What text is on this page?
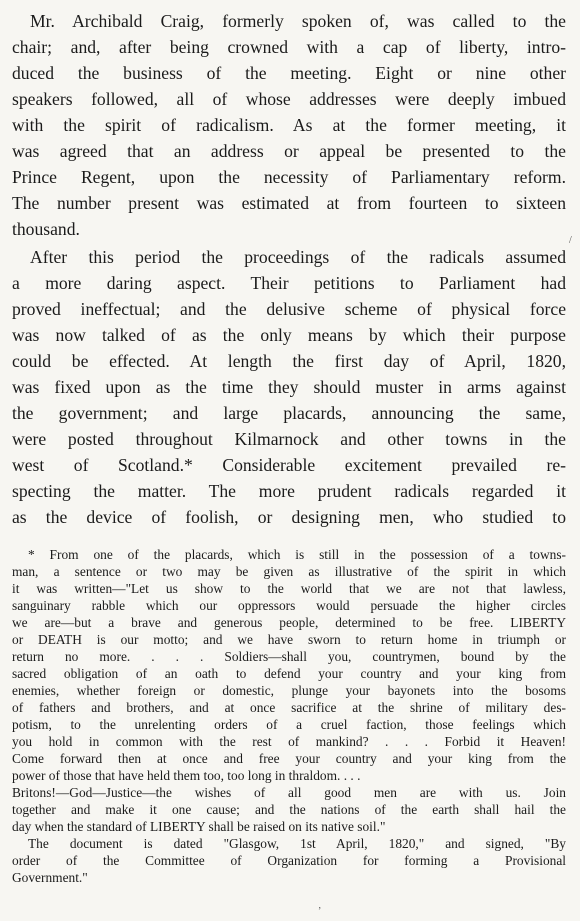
Mr. Archibald Craig, formerly spoken of, was called to the
chair; and, after being crowned with a cap of liberty, intro-
duced the business of the meeting. Eight or nine other
speakers followed, all of whose addresses were deeply imbued
with the spirit of radicalism. As at the former meeting, it
was agreed that an address or appeal be presented to the
Prince Regent, upon the necessity of Parliamentary reform.
The number present was estimated at from fourteen to sixteen
thousand.
After this period the proceedings of the radicals assumed
a more daring aspect. Their petitions to Parliament had
proved ineffectual; and the delusive scheme of physical force
was now talked of as the only means by which their purpose
could be effected. At length the first day of April, 1820,
was fixed upon as the time they should muster in arms against
the government; and large placards, announcing the same,
were posted throughout Kilmarnock and other towns in the
west of Scotland.* Considerable excitement prevailed re-
specting the matter. The more prudent radicals regarded it
as the device of foolish, or designing men, who studied to
* From one of the placards, which is still in the possession of a towns-
man, a sentence or two may be given as illustrative of the spirit in which
it was written—"Let us show to the world that we are not that lawless,
sanguinary rabble which our oppressors would persuade the higher circles
we are—but a brave and generous people, determined to be free. LIBERTY
or DEATH is our motto; and we have sworn to return home in triumph or
return no more. . . . Soldiers—shall you, countrymen, bound by the
sacred obligation of an oath to defend your country and your king from
enemies, whether foreign or domestic, plunge your bayonets into the bosoms
of fathers and brothers, and at once sacrifice at the shrine of military des-
potism, to the unrelenting orders of a cruel faction, those feelings which
you hold in common with the rest of mankind? . . . Forbid it Heaven!
Come forward then at once and free your country and your king from the
power of those that have held them too, too long in thraldom. . . .
Britons!—God—Justice—the wishes of all good men are with us. Join
together and make it one cause; and the nations of the earth shall hail the
day when the standard of LIBERTY shall be raised on its native soil."
The document is dated "Glasgow, 1st April, 1820," and signed, "By
order of the Committee of Organization for forming a Provisional
Government."
/
’
